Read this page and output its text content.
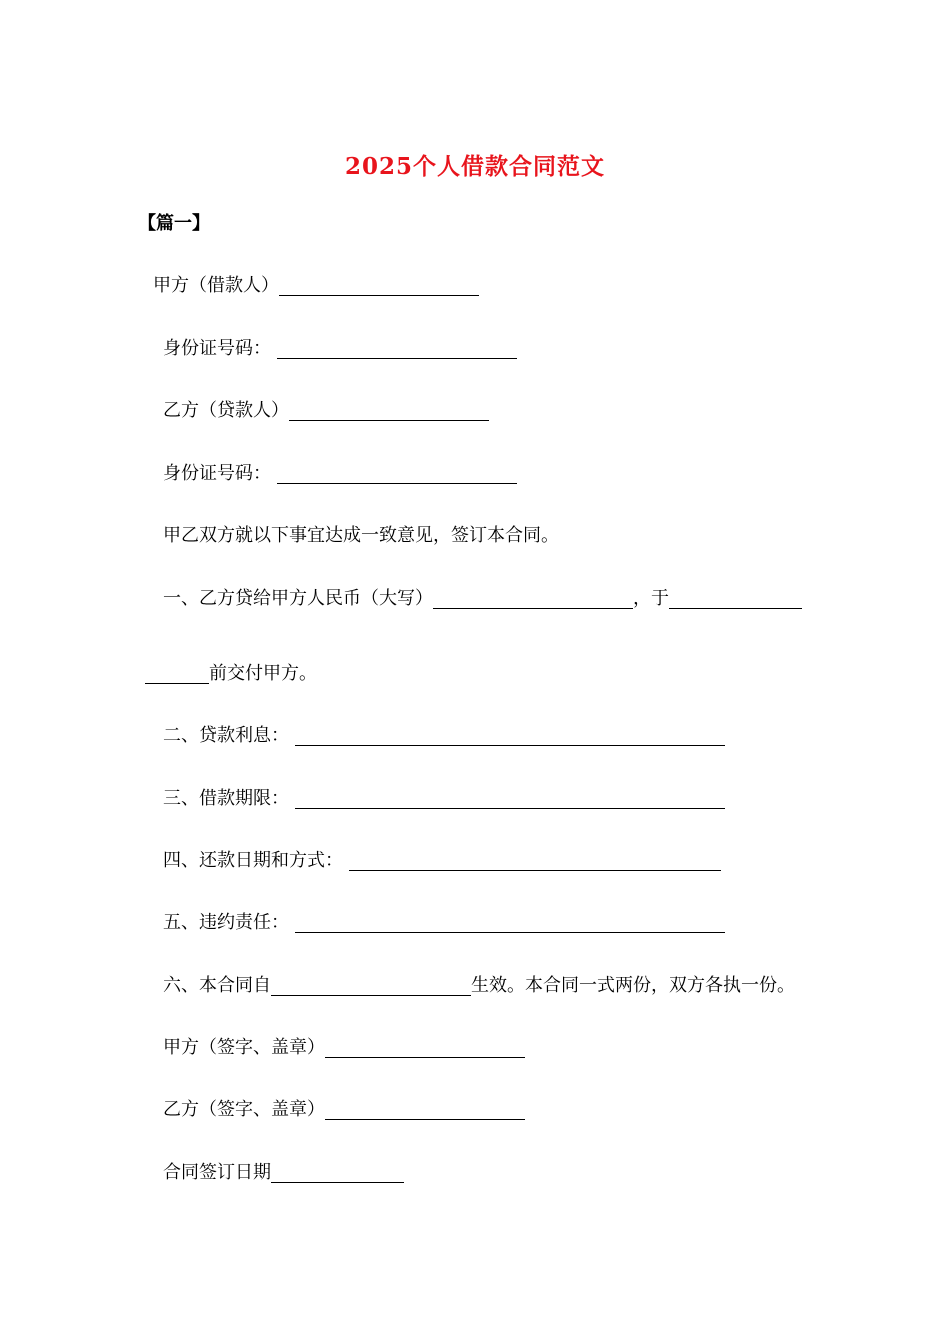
2025个人借款合同范文
【篇一】
甲方（借款人）
身份证号码：
乙方（贷款人）
身份证号码：
甲乙双方就以下事宜达成一致意见，签订本合同。
一、乙方贷给甲方人民币（大写）	，于
前交付甲方。
二、贷款利息：
三、借款期限：
四、还款日期和方式：
五、违约责任：
六、本合同自	生效。本合同一式两份，双方各执一份。
甲方（签字、盖章）
乙方（签字、盖章）
合同签订日期
